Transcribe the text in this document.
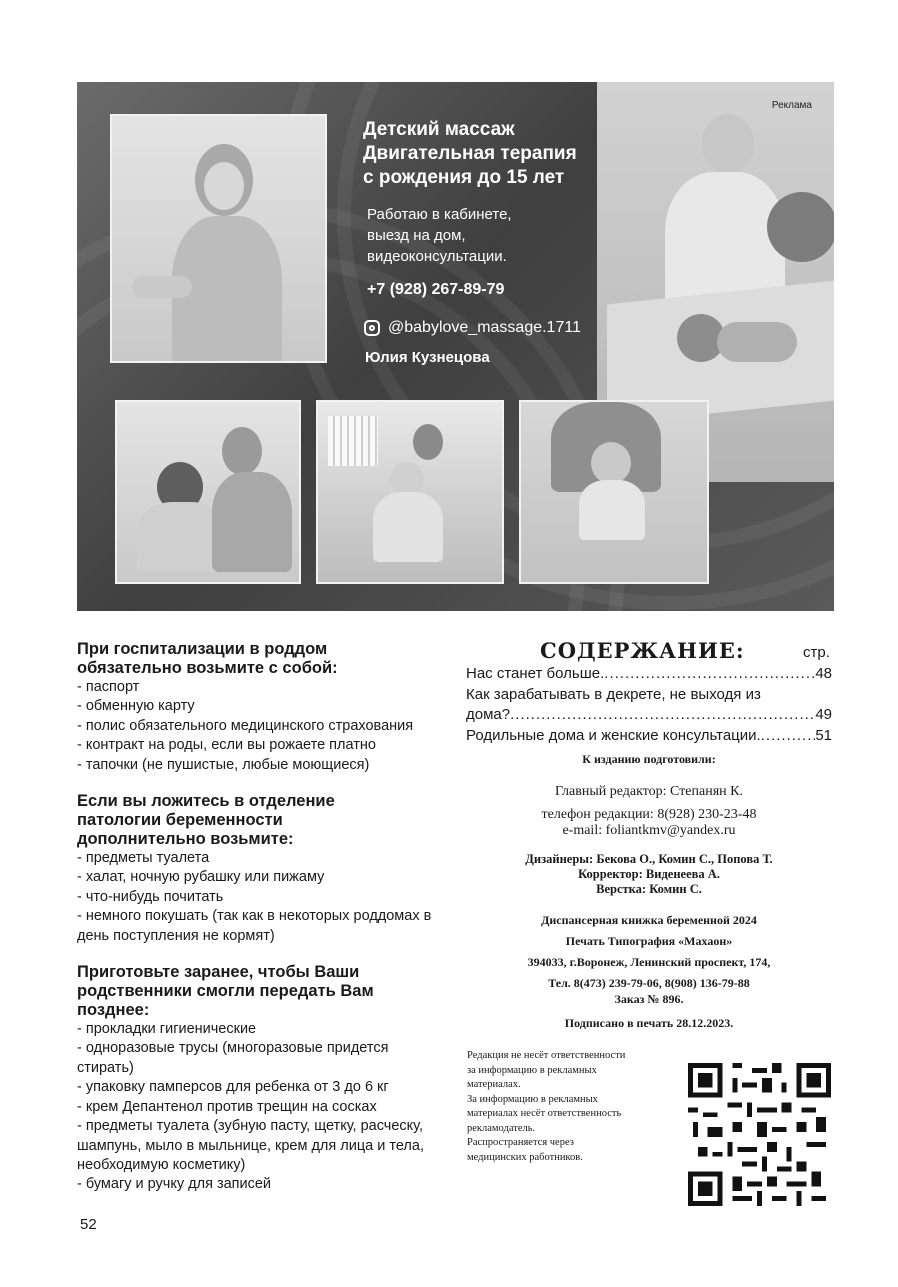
Реклама
Детский массаж
Двигательная терапия
с рождения до 15 лет
Работаю в кабинете,
выезд на дом,
видеоконсультации.
+7 (928) 267-89-79
@babylove_massage.1711
Юлия Кузнецова
При госпитализации в роддом
обязательно возьмите с собой:
- паспорт
- обменную карту
- полис обязательного медицинского страхования
- контракт на роды, если вы рожаете платно
- тапочки (не пушистые, любые моющиеся)
Если вы ложитесь в отделение
патологии беременности
дополнительно возьмите:
- предметы туалета
- халат, ночную рубашку или пижаму
- что-нибудь почитать
- немного покушать (так как в некоторых роддомах в день поступления не кормят)
Приготовьте заранее, чтобы Ваши
родственники смогли передать Вам
позднее:
- прокладки гигиенические
- одноразовые трусы (многоразовые придется стирать)
- упаковку памперсов для ребенка от 3 до 6 кг
- крем Депантенол против трещин на сосках
- предметы туалета (зубную пасту, щетку, расческу, шампунь, мыло в мыльнице, крем для лица и тела, необходимую косметику)
- бумагу и ручку для записей
52
СОДЕРЖАНИЕ:	стр.
Нас станет больше. .....	48
Как зарабатывать в декрете, не выходя из
дома? .....	49
Родильные дома и женские консультации. .....	51
К изданию подготовили:
Главный редактор: Степанян К.
телефон редакции: 8(928) 230-23-48
e-mail: foliantkmv@yandex.ru
Дизайнеры: Бекова О., Комин С., Попова Т.
Корректор: Виденеева А.
Верстка: Комин С.
Диспансерная книжка беременной 2024
Печать Типография «Махаон»
394033, г.Воронеж, Ленинский проспект, 174,
Тел. 8(473) 239-79-06, 8(908) 136-79-88
Заказ № 896.
Подписано в печать 28.12.2023.
Редакция не несёт ответственности
за информацию в рекламных
материалах.
За информацию в рекламных
материалах несёт ответственность
рекламодатель.
Распространяется через
медицинских работников.
